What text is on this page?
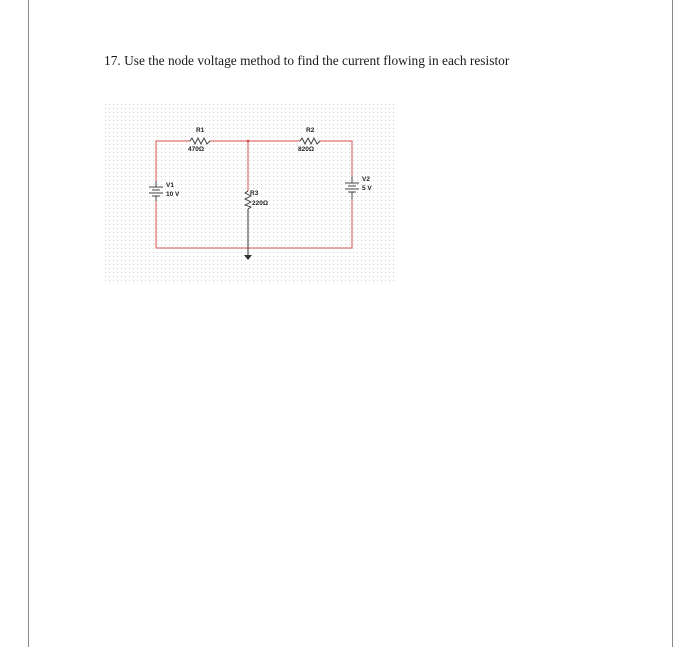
17. Use the node voltage method to find the current flowing in each resistor
R1
470Ω
R2
820Ω
R3
220Ω
V1
10 V
V2
5 V
